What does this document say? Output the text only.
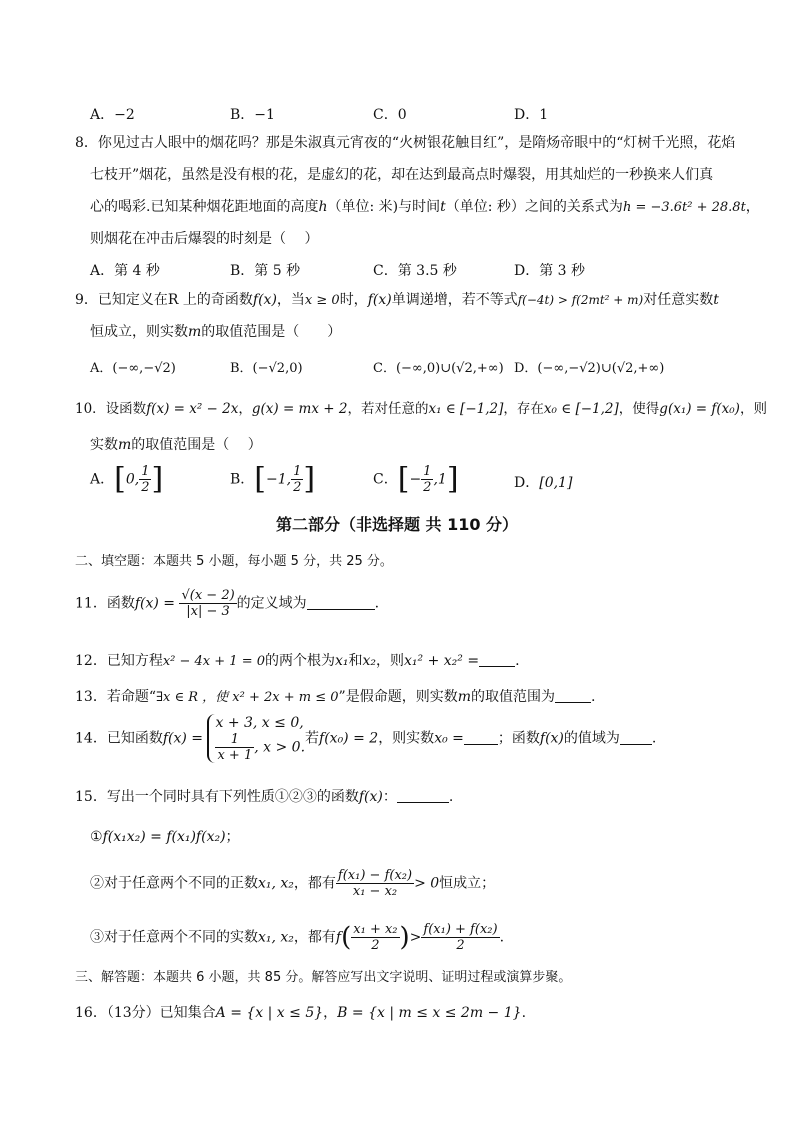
A．−2	B．−1	C．0	D．1
8．你见过古人眼中的烟花吗？那是朱淑真元宵夜的“火树银花触目红”，是隋炀帝眼中的“灯树千光照，花焰
七枝开”烟花，虽然是没有根的花，是虚幻的花，却在达到最高点时爆裂，用其灿烂的一秒换来人们真
心的喝彩.已知某种烟花距地面的高度h（单位: 米)与时间t（单位: 秒）之间的关系式为h = −3.6t² + 28.8t，
则烟花在冲击后爆裂的时刻是（　 ）
A．第 4 秒	B．第 5 秒	C．第 3.5 秒	D．第 3 秒
9．已知定义在R 上的奇函数f(x)，当x ≥ 0时，f(x)单调递增，若不等式f(−4t) > f(2mt² + m)对任意实数t
恒成立，则实数m的取值范围是（　　）
A．(−∞,−√2)	B．(−√2,0)	C．(−∞,0)∪(√2,+∞) D．(−∞,−√2)∪(√2,+∞)
10．设函数f(x) = x² − 2x，g(x) = mx + 2，若对任意的x₁ ∈ [−1,2]，存在x₀ ∈ [−1,2]，使得g(x₁) = f(x₀)，则
实数m的取值范围是（　 ）
A．[0, $\frac{1}{2}$ ]	B．[−1, $\frac{1}{2}$ ]	C．[− $\frac{1}{2} ,1$]	D．[0,1]
第二部分（非选择题 共 110 分）
二、填空题：本题共 5 小题，每小题 5 分，共 25 分。
11．函数$f(x) = \frac{√(x - 2)}{|x| - 3}$ 的定义域为	.
12．已知方程x² − 4x + 1 = 0的两个根为x₁和x₂，则x₁² + x₂² =	.
13．若命题“∃x ∈ R ，使 x² + 2x + m ≤ 0”是假命题，则实数m的取值范围为	.
14．已知函数f(x) =
x + 3, x ≤ 0,
$\frac{1}{x + 1}$ , x > 0.
若f(x₀) = 2，则实数x₀ = ；函数f(x)的值域为 .
15．写出一个同时具有下列性质①②③的函数f(x)：	.
①f(x₁x₂) = f(x₁)f(x₂)；
②对于任意两个不同的正数x₁, x₂，都有 $\frac{\text{f(x₁) − f(x₂)}}{\text{x₁ − x₂}} > 0$恒成立；
③对于任意两个不同的实数x₁, x₂，都有$f( \frac{\text{x₁ + x₂}}{2}$ )> $\frac{\text{f(x₁) + f(x₂)}}{2}$ .
三、解答题：本题共 6 小题，共 85 分。解答应写出文字说明、证明过程或演算步聚。
16．（13分）已知集合A = {x | x ≤ 5}，B = {x | m ≤ x ≤ 2m − 1}.
